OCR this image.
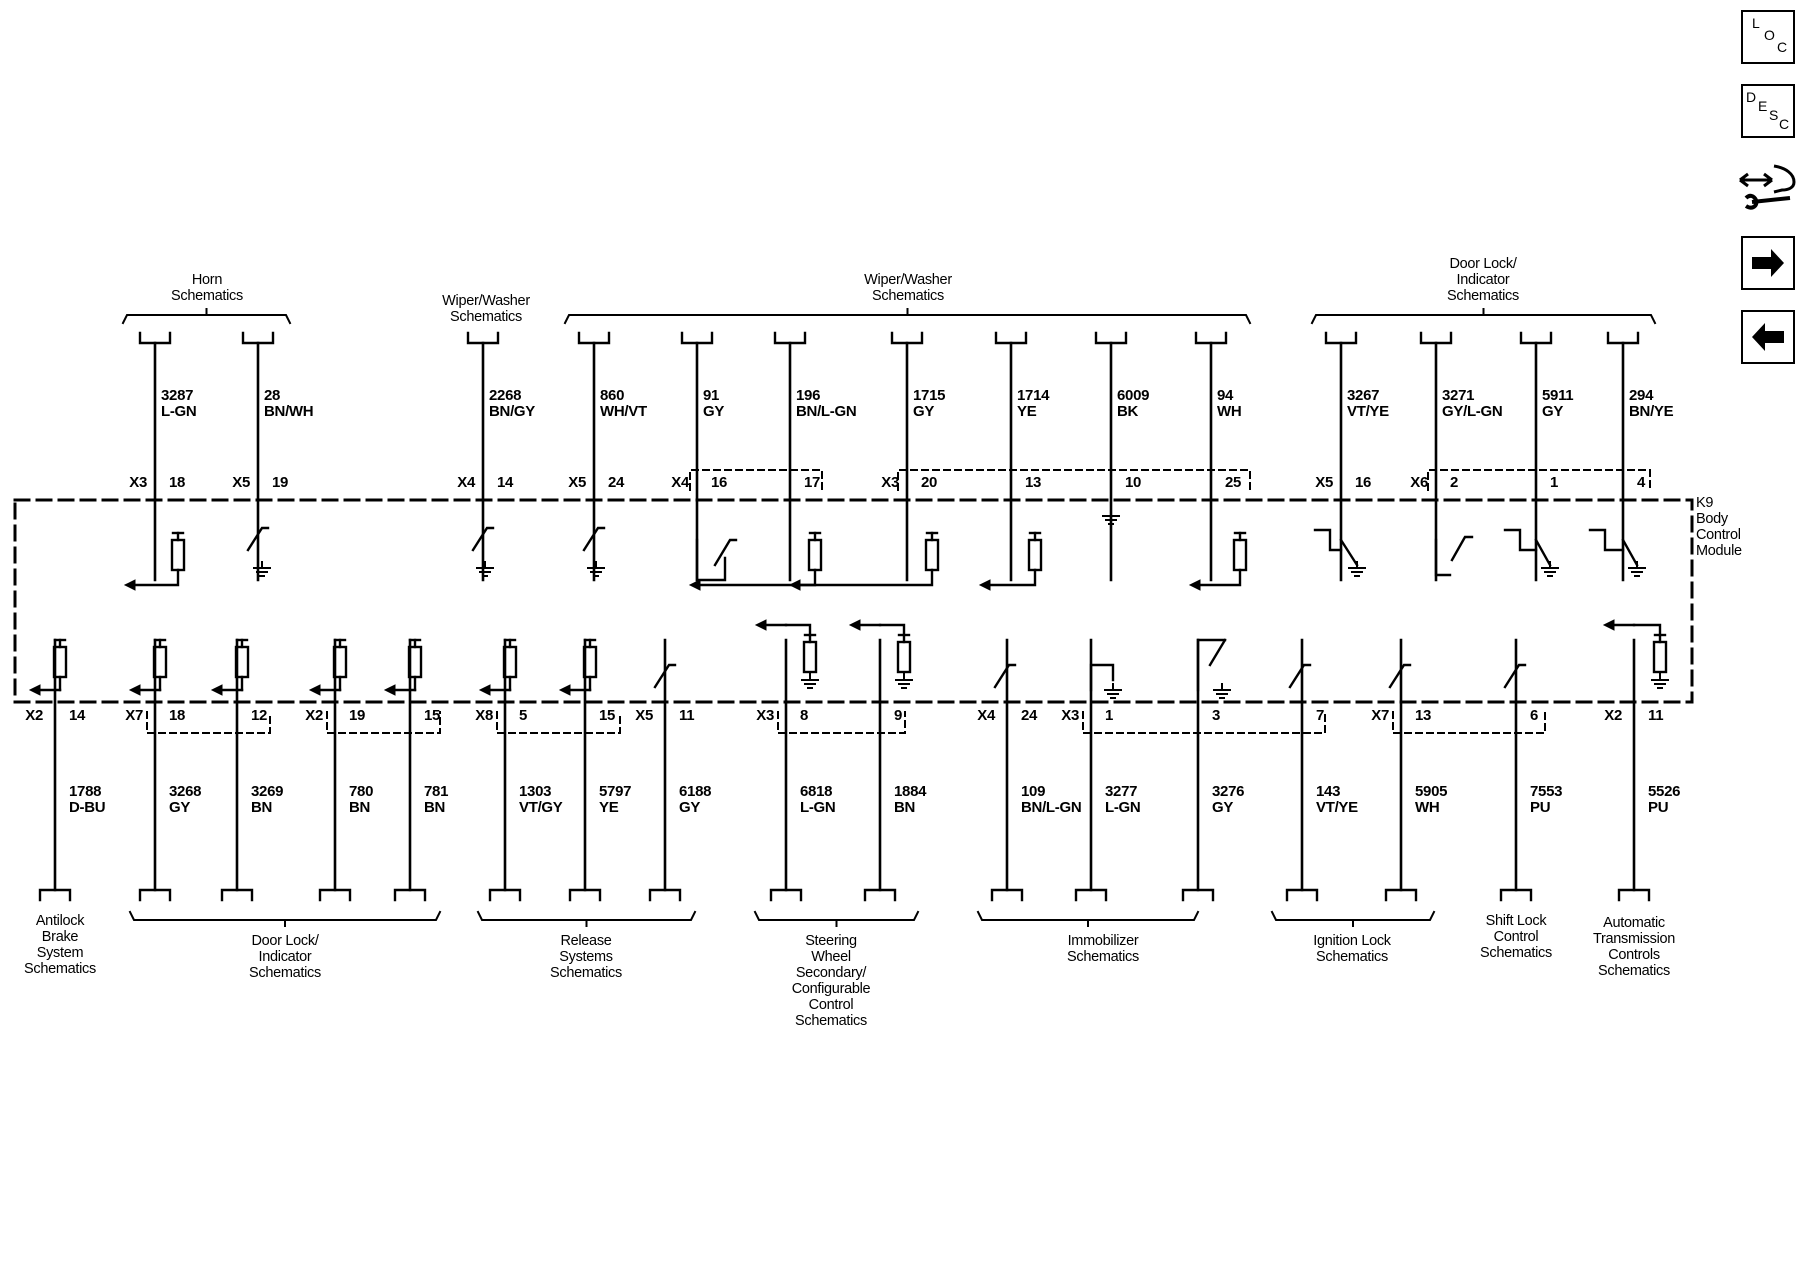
L
O
C
D
E
S
C
K9
Body
Control
Module
3287
L-GN
18
28
BN/WH
19
2268
BN/GY
14
860
WH/VT
24
91
GY
16
196
BN/L-GN
17
1715
GY
20
1714
YE
13
6009
BK
10
94
WH
25
3267
VT/YE
16
3271
GY/L-GN
2
5911
GY
1
294
BN/YE
4
X3	X5	X4	X5	X4	X3	X5	X6
14
1788
D-BU
18
3268
GY
12
3269
BN
19
780
BN
15
781
BN
5
1303
VT/GY
15
5797
YE
11
6188
GY
8
6818
L-GN
9
1884
BN
24
109
BN/L-GN
1
3277
L-GN
3
3276
GY
7
143
VT/YE
13
5905
WH
6
7553
PU
11
5526
PU
X2	X7	X2	X8	X5	X3	X4	X3	X7	X2
Horn
Schematics	Wiper/Washer
Schematics
Wiper/Washer
Schematics
Door Lock/
Indicator
Schematics
Antilock
Brake
System
Schematics
Door Lock/
Indicator
Schematics
Release
Systems
Schematics
Steering
Wheel
Secondary/
Configurable
Control
Schematics
Immobilizer
Schematics
Ignition Lock
Schematics
Shift Lock
Control
Schematics
Automatic
Transmission
Controls
Schematics
